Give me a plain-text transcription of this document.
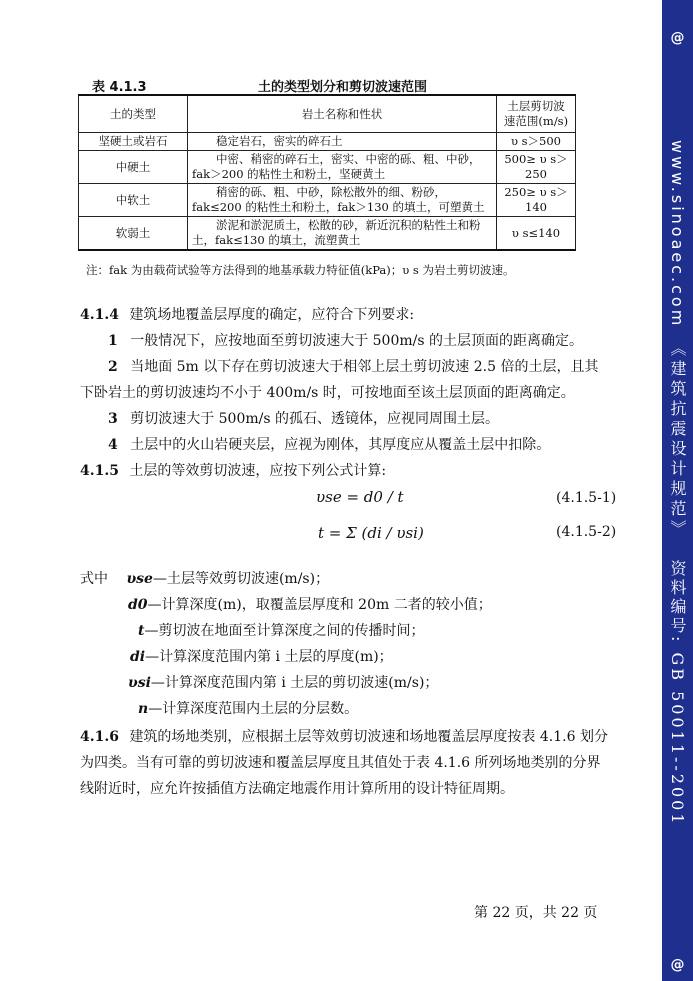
表 4.1.3	土的类型划分和剪切波速范围
土的类型	岩土名称和性状	土层剪切波
速范围(m/s)
坚硬土或岩石	稳定岩石，密实的碎石土	υ s＞500
中硬土	中密、稍密的碎石土，密实、中密的砾、粗、中砂，fak＞200 的粘性土和粉土，坚硬黄土	500≥ υ s＞250
中软土	稍密的砾、粗、中砂，除松散外的细、粉砂，fak≤200 的粘性土和粉土，fak＞130 的填土，可塑黄土	250≥ υ s＞140
软弱土	淤泥和淤泥质土，松散的砂，新近沉积的粘性土和粉土，fak≤130 的填土，流塑黄土	υ s≤140
注：fak 为由载荷试验等方法得到的地基承载力特征值(kPa)；υ s 为岩土剪切波速。
4.1.4 建筑场地覆盖层厚度的确定，应符合下列要求:
1 一般情况下，应按地面至剪切波速大于 500m/s 的土层顶面的距离确定。
2 当地面 5m 以下存在剪切波速大于相邻上层土剪切波速 2.5 倍的土层，且其
下卧岩土的剪切波速均不小于 400m/s 时，可按地面至该土层顶面的距离确定。
3 剪切波速大于 500m/s 的孤石、透镜体，应视同周围土层。
4 土层中的火山岩硬夹层，应视为刚体，其厚度应从覆盖土层中扣除。
4.1.5 土层的等效剪切波速，应按下列公式计算:
υse = d0 / t	(4.1.5-1)
t = Σ (di / υsi)	(4.1.5-2)
式中 υse—土层等效剪切波速(m/s)；
d0—计算深度(m)，取覆盖层厚度和 20m 二者的较小值；
t—剪切波在地面至计算深度之间的传播时间；
di—计算深度范围内第 i 土层的厚度(m)；
υsi—计算深度范围内第 i 土层的剪切波速(m/s)；
n—计算深度范围内土层的分层数。
4.1.6 建筑的场地类别，应根据土层等效剪切波速和场地覆盖层厚度按表 4.1.6 划分
为四类。当有可靠的剪切波速和覆盖层厚度且其值处于表 4.1.6 所列场地类别的分界
线附近时，应允许按插值方法确定地震作用计算所用的设计特征周期。
第 22 页，共 22 页
@
www.sinoaec.com
《建筑抗震设计规范》
资料编号: GB 50011--2001
@
